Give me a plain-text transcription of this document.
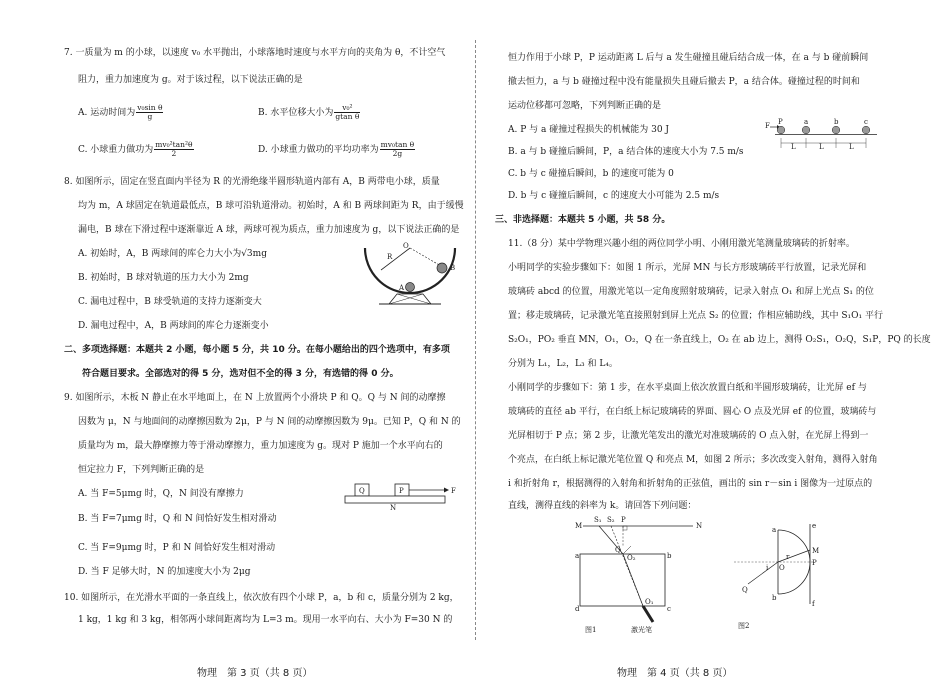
7. 一质量为 m 的小球，以速度 v₀ 水平抛出，小球落地时速度与水平方向的夹角为 θ，不计空气
阻力，重力加速度为 g。对于该过程，以下说法正确的是
A. 运动时间为 $\frac{\text{v₀sin θ}}{g}$	B. 水平位移大小为 $\frac{\text{v₀²}}{\text{gtan θ}}$
C. 小球重力做功为 $\frac{\text{mv₀²tan²θ}}{2}$	D. 小球重力做功的平均功率为 $\frac{\text{mv₀tan θ}}{2g}$
8. 如图所示，固定在竖直面内半径为 R 的光滑绝缘半圆形轨道内部有 A，B 两带电小球，质量
均为 m，A 球固定在轨道最低点，B 球可沿轨道滑动。初始时，A 和 B 两球间距为 R，由于缓慢
漏电，B 球在下滑过程中逐渐靠近 A 球，两球可视为质点，重力加速度为 g，以下说法正确的是
A. 初始时，A，B 两球间的库仑力大小为√3mg
B. 初始时，B 球对轨道的压力大小为 2mg
C. 漏电过程中，B 球受轨道的支持力逐渐变大
D. 漏电过程中，A，B 两球间的库仑力逐渐变小
O
R
B
A
二、多项选择题：本题共 2 小题，每小题 5 分，共 10 分。在每小题给出的四个选项中，有多项
符合题目要求。全部选对的得 5 分，选对但不全的得 3 分，有选错的得 0 分。
9. 如图所示，木板 N 静止在水平地面上，在 N 上放置两个小滑块 P 和 Q。Q 与 N 间的动摩擦
因数为 μ，N 与地面间的动摩擦因数为 2μ，P 与 N 间的动摩擦因数为 9μ。已知 P，Q 和 N 的
质量均为 m，最大静摩擦力等于滑动摩擦力，重力加速度为 g。现对 P 施加一个水平向右的
恒定拉力 F，下列判断正确的是
A. 当 F=5μmg 时，Q，N 间没有摩擦力
B. 当 F=7μmg 时，Q 和 N 间恰好发生相对滑动
C. 当 F=9μmg 时，P 和 N 间恰好发生相对滑动
D. 当 F 足够大时，N 的加速度大小为 2μg
Q	P	F
N
10. 如图所示，在光滑水平面的一条直线上，依次放有四个小球 P，a，b 和 c，质量分别为 2 kg，
1 kg，1 kg 和 3 kg，相邻两小球间距离均为 L=3 m。现用一水平向右、大小为 F=30 N 的
物理　第 3 页（共 8 页）
恒力作用于小球 P，P 运动距离 L 后与 a 发生碰撞且碰后结合成一体，在 a 与 b 碰前瞬间
撤去恒力，a 与 b 碰撞过程中没有能量损失且碰后撤去 P，a 结合体。碰撞过程的时间和
运动位移都可忽略，下列判断正确的是
A. P 与 a 碰撞过程损失的机械能为 30 J
B. a 与 b 碰撞后瞬间，P，a 结合体的速度大小为 7.5 m/s
C. b 与 c 碰撞后瞬间，b 的速度可能为 0
D. b 与 c 碰撞后瞬间，c 的速度大小可能为 2.5 m/s
F P	a	b	c
L	L	L
三、非选择题：本题共 5 小题，共 58 分。
11.（8 分）某中学物理兴趣小组的两位同学小明、小刚用激光笔测量玻璃砖的折射率。
小明同学的实验步骤如下：如图 1 所示，光屏 MN 与长方形玻璃砖平行放置，记录光屏和
玻璃砖 abcd 的位置，用激光笔以一定角度照射玻璃砖，记录入射点 O₁ 和屏上光点 S₁ 的位
置；移走玻璃砖，记录激光笔直接照射到屏上光点 S₂ 的位置；作相应辅助线，其中 S₁O₁ 平行
S₂O₁，PO₂ 垂直 MN，O₁，O₂，Q 在一条直线上，O₂ 在 ab 边上，测得 O₂S₁，O₂Q，S₁P，PQ 的长度
分别为 L₁，L₂，L₃ 和 L₄。
小刚同学的步骤如下：第 1 步，在水平桌面上依次放置白纸和半圆形玻璃砖，让光屏 ef 与
玻璃砖的直径 ab 平行，在白纸上标记玻璃砖的界面、圆心 O 点及光屏 ef 的位置，玻璃砖与
光屏相切于 P 点；第 2 步，让激光笔发出的激光对准玻璃砖的 O 点入射，在光屏上得到一
个亮点，在白纸上标记激光笔位置 Q 和亮点 M，如图 2 所示；多次改变入射角，测得入射角
i 和折射角 r，根据测得的入射角和折射角的正弦值，画出的 sin r－sin i 图像为一过原点的
直线，测得直线的斜率为 k。请回答下列问题：
M	N
S₁ S₂ P
a	b
c
d
O₂
O₁
Q
激光笔
图1
a
b
e
f
M
P
O
Q
i
r
图2
物理　第 4 页（共 8 页）
